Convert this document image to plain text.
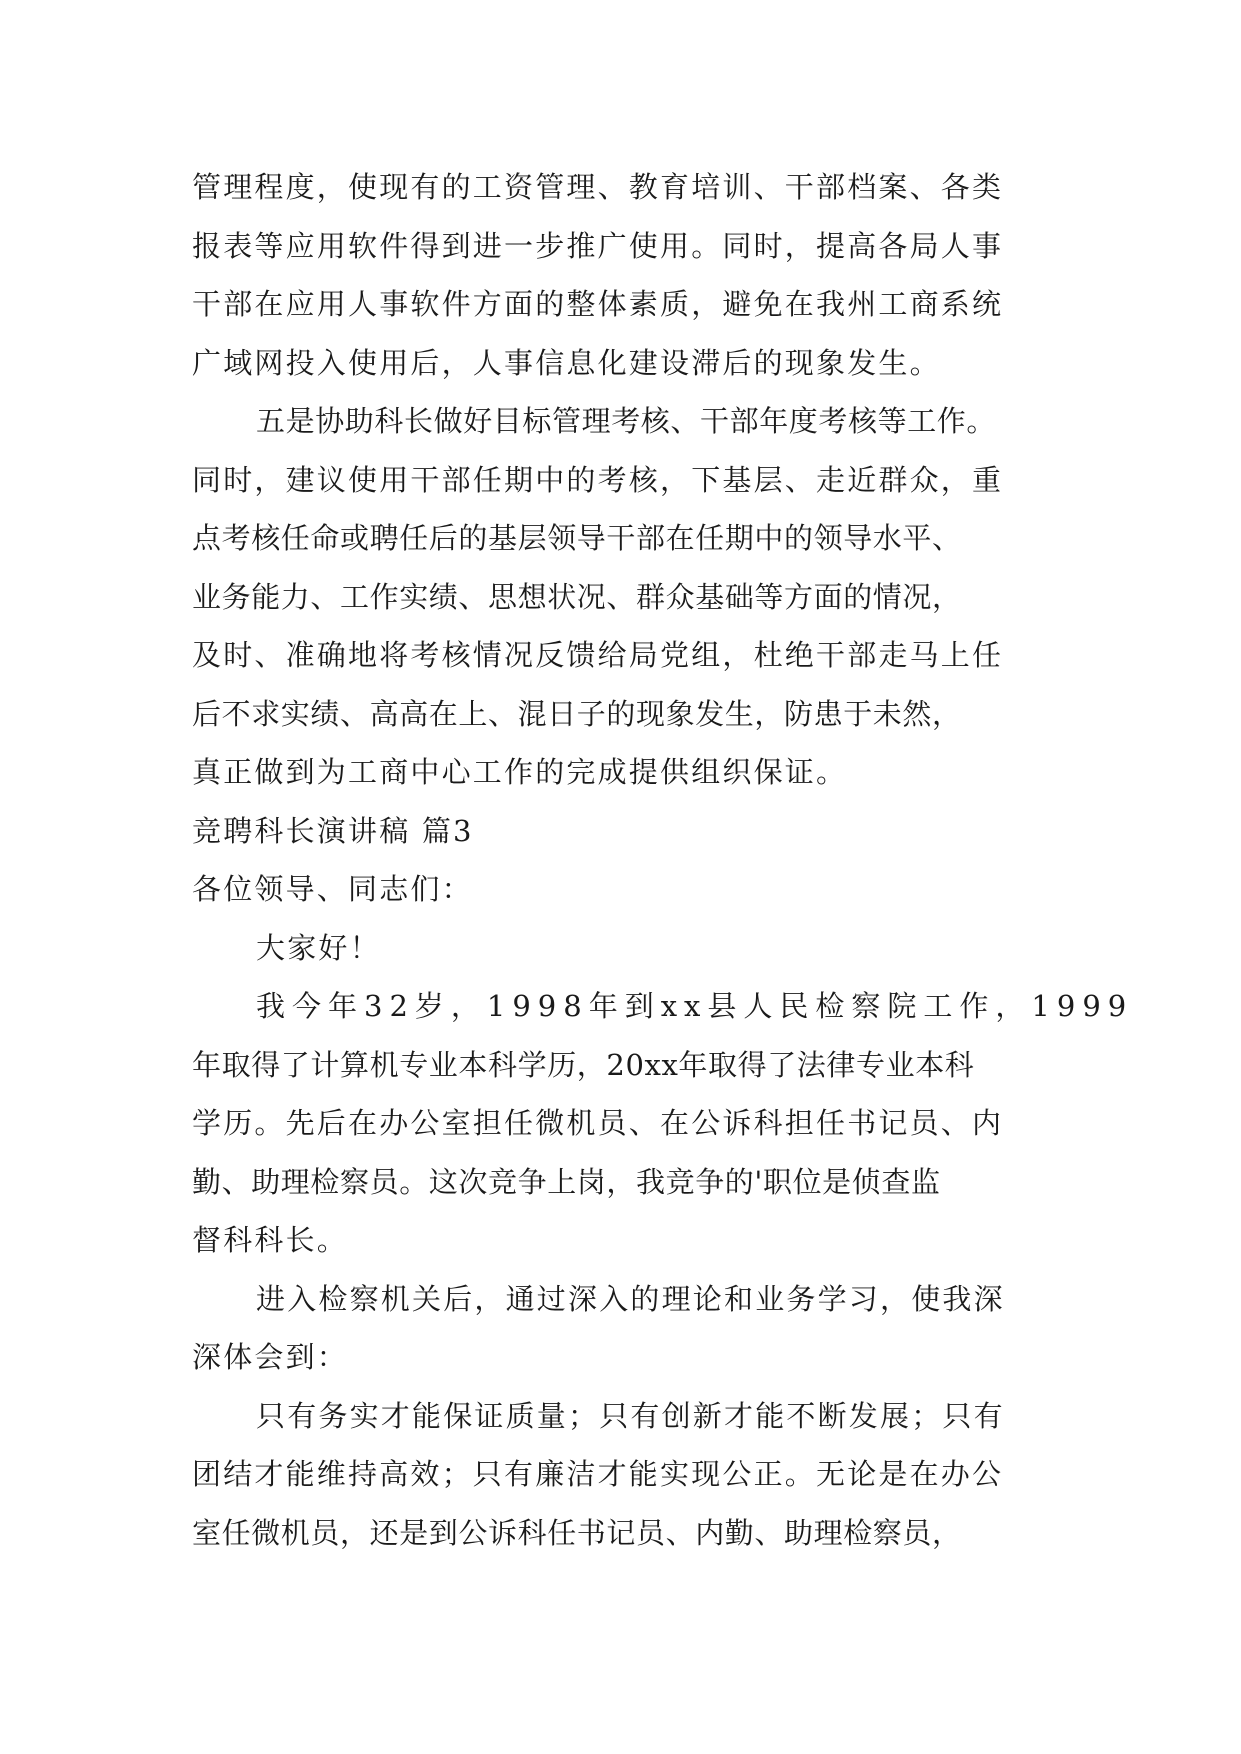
管理程度，使现有的工资管理、教育培训、干部档案、各类
报表等应用软件得到进一步推广使用。同时，提高各局人事
干部在应用人事软件方面的整体素质，避免在我州工商系统
广域网投入使用后，人事信息化建设滞后的现象发生。
五是协助科长做好目标管理考核、干部年度考核等工作。
同时，建议使用干部任期中的考核，下基层、走近群众，重
点考核任命或聘任后的基层领导干部在任期中的领导水平、
业务能力、工作实绩、思想状况、群众基础等方面的情况，
及时、准确地将考核情况反馈给局党组，杜绝干部走马上任
后不求实绩、高高在上、混日子的现象发生，防患于未然，
真正做到为工商中心工作的完成提供组织保证。
竞聘科长演讲稿 篇3
各位领导、同志们：
大家好！
我今年32岁，1998年到xx县人民检察院工作，1999
年取得了计算机专业本科学历，20xx年取得了法律专业本科
学历。先后在办公室担任微机员、在公诉科担任书记员、内
勤、助理检察员。这次竞争上岗，我竞争的'职位是侦查监
督科科长。
进入检察机关后，通过深入的理论和业务学习，使我深
深体会到：
只有务实才能保证质量；只有创新才能不断发展；只有
团结才能维持高效；只有廉洁才能实现公正。无论是在办公
室任微机员，还是到公诉科任书记员、内勤、助理检察员，
